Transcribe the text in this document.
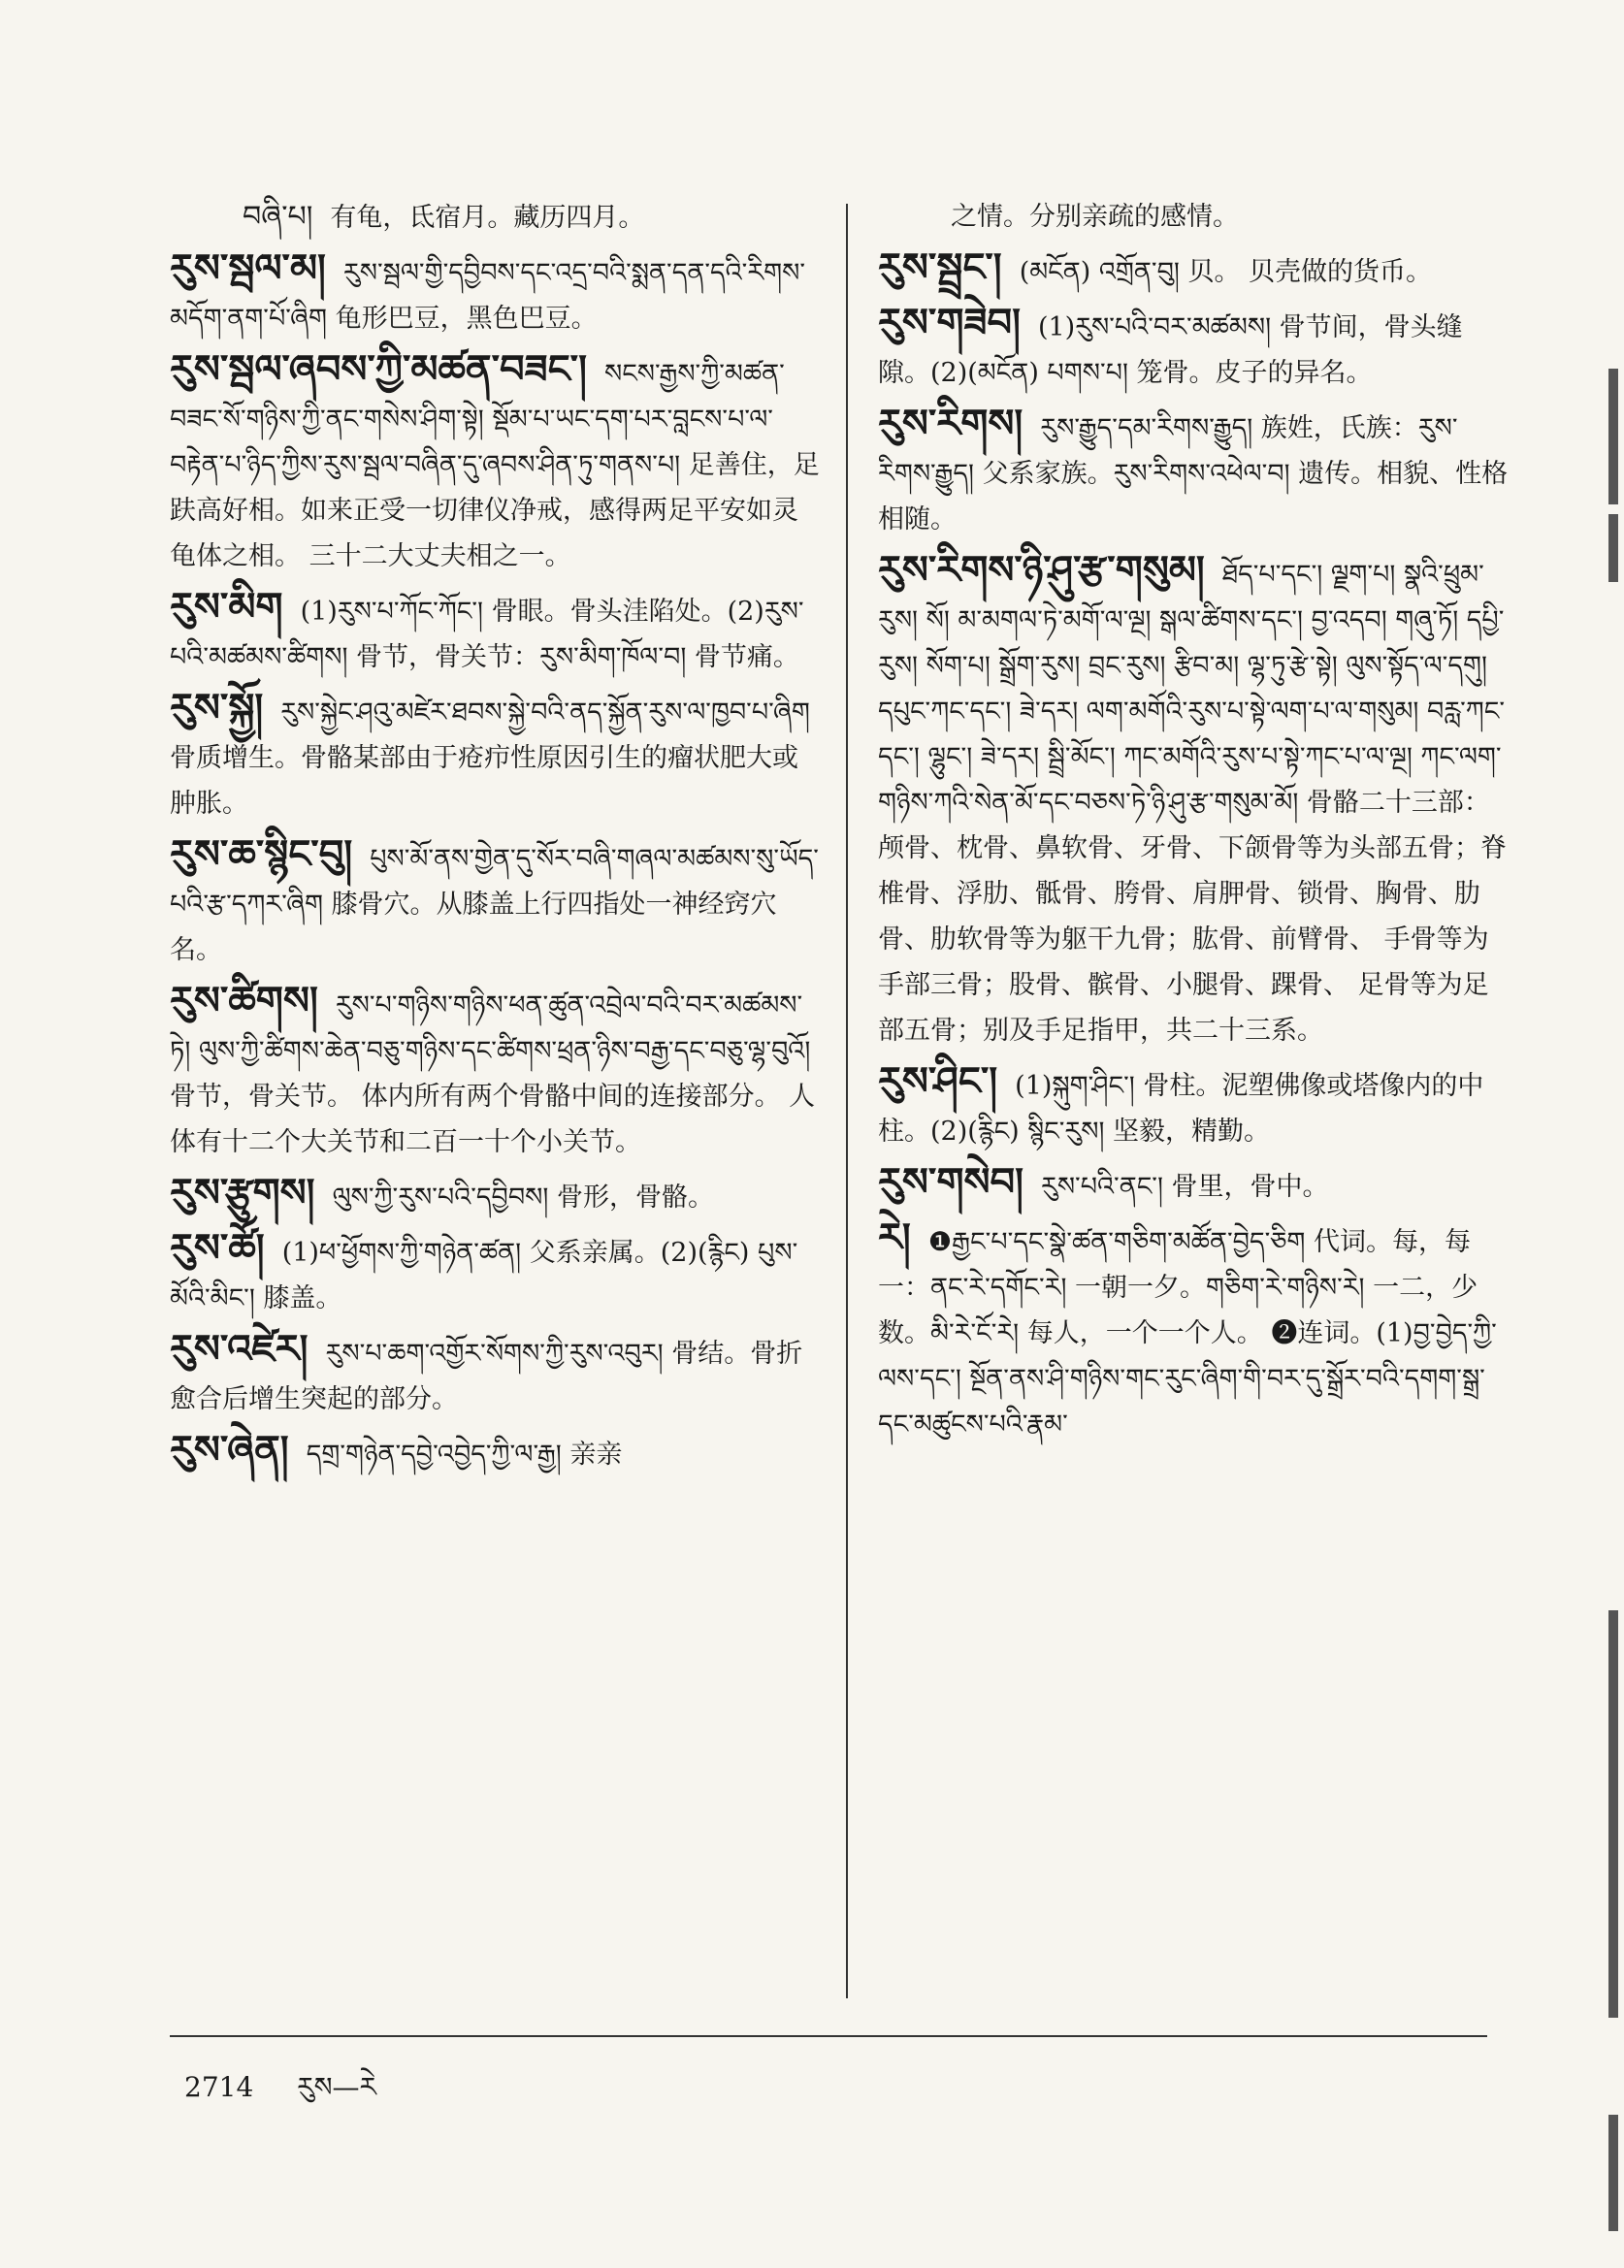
བཞི་པ། 有龟，氐宿月。藏历四月。
རུས་སྦལ་མ། རུས་སྦལ་གྱི་དབྱིབས་དང་འདྲ་བའི་སྨན་དན་དའི་རིགས་མདོག་ནག་པོ་ཞིག 龟形巴豆，黑色巴豆。
རུས་སྦལ་ཞབས་ཀྱི་མཚན་བཟང་། སངས་རྒྱས་ཀྱི་མཚན་བཟང་སོ་གཉིས་ཀྱི་ནང་གསེས་ཤིག་སྟེ། སྡོམ་པ་ཡང་དག་པར་བླངས་པ་ལ་བརྟེན་པ་ཉིད་ཀྱིས་རུས་སྦལ་བཞིན་དུ་ཞབས་ཤིན་ཏུ་གནས་པ། 足善住，足趺高好相。如来正受一切律仪净戒，感得两足平安如灵龟体之相。 三十二大丈夫相之一。
རུས་མིག (1)རུས་པ་ཀོང་ཀོང་། 骨眼。骨头洼陷处。(2)རུས་པའི་མཚམས་ཚིགས། 骨节，骨关节：རུས་མིག་ཁོལ་བ། 骨节痛。
རུས་སྐྱོ། རུས་སྐྱེང་ཤའུ་མཛེར་ཐབས་སྐྱེ་བའི་ནད་སྐྱོན་རུས་ལ་ཁྱབ་པ་ཞིག 骨质增生。骨骼某部由于疮疖性原因引生的瘤状肥大或肿胀。
རུས་ཆ་སྙིང་བུ། པུས་མོ་ནས་གྱེན་དུ་སོར་བཞི་གཞལ་མཚམས་སུ་ཡོད་པའི་རྩ་དཀར་ཞིག 膝骨穴。从膝盖上行四指处一神经窍穴名。
རུས་ཚིགས། རུས་པ་གཉིས་གཉིས་ཕན་ཚུན་འབྲེལ་བའི་བར་མཚམས་ཏེ། ལུས་ཀྱི་ཚིགས་ཆེན་བཅུ་གཉིས་དང་ཚིགས་ཕྲན་ཉིས་བརྒྱ་དང་བཅུ་ལྷ་བུའོ། 骨节，骨关节。 体内所有两个骨骼中间的连接部分。 人体有十二个大关节和二百一十个小关节。
རུས་རྩུགས། ལུས་ཀྱི་རུས་པའི་དབྱིབས། 骨形，骨骼。
རུས་ཚོ། (1)ཕ་ཕྱོགས་ཀྱི་གཉེན་ཚན། 父系亲属。(2)(རྙིང) པུས་མོའི་མིང་། 膝盖。
རུས་འཛེར། རུས་པ་ཆག་འགྱོར་སོགས་ཀྱི་རུས་འབུར། 骨结。骨折愈合后增生突起的部分。
རུས་ཞེན། དགྲ་གཉེན་དབྱེ་འབྱེད་ཀྱི་ལ་རྒྱ། 亲亲
之情。分别亲疏的感情。
རུས་སྦྲང་། (མངོན) འགྲོན་བུ། 贝。 贝壳做的货币。
རུས་གཟེབ། (1)རུས་པའི་བར་མཚམས། 骨节间，骨头缝隙。(2)(མངོན) པགས་པ། 笼骨。皮子的异名。
རུས་རིགས། རུས་རྒྱུད་དམ་རིགས་རྒྱུད། 族姓，氏族：རུས་རིགས་རྒྱུད། 父系家族。རུས་རིགས་འཕེལ་བ། 遗传。相貌、性格相随。
རུས་རིགས་ཉི་ཤུ་རྩ་གསུམ། ཐོད་པ་དང་། ལྗག་པ། སྣའི་ཕྲུམ་རུས། སོ། མ་མགལ་ཏེ་མགོ་ལ་ལྔ། སྒལ་ཚིགས་དང་། བྱ་འདབ། གཞུ་ཏོ། དཔྱི་རུས། སོག་པ། སྒྲོག་རུས། བྲང་རུས། རྩིབ་མ། ལྷ་ཏུ་རྩེ་སྟེ། ལུས་སྟོད་ལ་དགུ། དཔུང་ཀང་དང་། ཟེ་དར། ལག་མགོའི་རུས་པ་སྟེ་ལག་པ་ལ་གསུམ། བརླ་ཀང་དང་། ལྷུང་། ཟེ་དར། སྦྲི་མོང་། ཀང་མགོའི་རུས་པ་སྟེ་ཀང་པ་ལ་ལྔ། ཀང་ལག་གཉིས་ཀའི་སེན་མོ་དང་བཅས་ཏེ་ཉི་ཤུ་རྩ་གསུམ་མོ། 骨骼二十三部：颅骨、枕骨、鼻软骨、牙骨、下颌骨等为头部五骨；脊椎骨、浮肋、骶骨、胯骨、肩胛骨、锁骨、胸骨、肋骨、肋软骨等为躯干九骨；肱骨、前臂骨、 手骨等为手部三骨；股骨、髌骨、小腿骨、踝骨、 足骨等为足部五骨；别及手足指甲，共二十三系。
རུས་ཤིང་། (1)སྐུག་ཤིང་། 骨柱。泥塑佛像或塔像内的中柱。(2)(རྙིང) སྙིང་རུས། 坚毅，精勤。
རུས་གསེབ། རུས་པའི་ནང་། 骨里，骨中。
རེ། ❶རྒྱང་པ་དང་སྣེ་ཚན་གཅིག་མཚོན་བྱེད་ཅིག 代词。每，每一：ནང་རེ་དགོང་རེ། 一朝一夕。གཅིག་རེ་གཉིས་རེ། 一二，少数。མི་རེ་ངོ་རེ། 每人，一个一个人。 ❷连词。(1)བྱ་བྱེད་ཀྱི་ལས་དང་། སྔོན་ནས་ཤི་གཉིས་གང་རུང་ཞིག་གི་བར་དུ་སྒྲོར་བའི་དགག་སྒྲ་དང་མཚུངས་པའི་རྣམ་
2714 རུས—རེ
